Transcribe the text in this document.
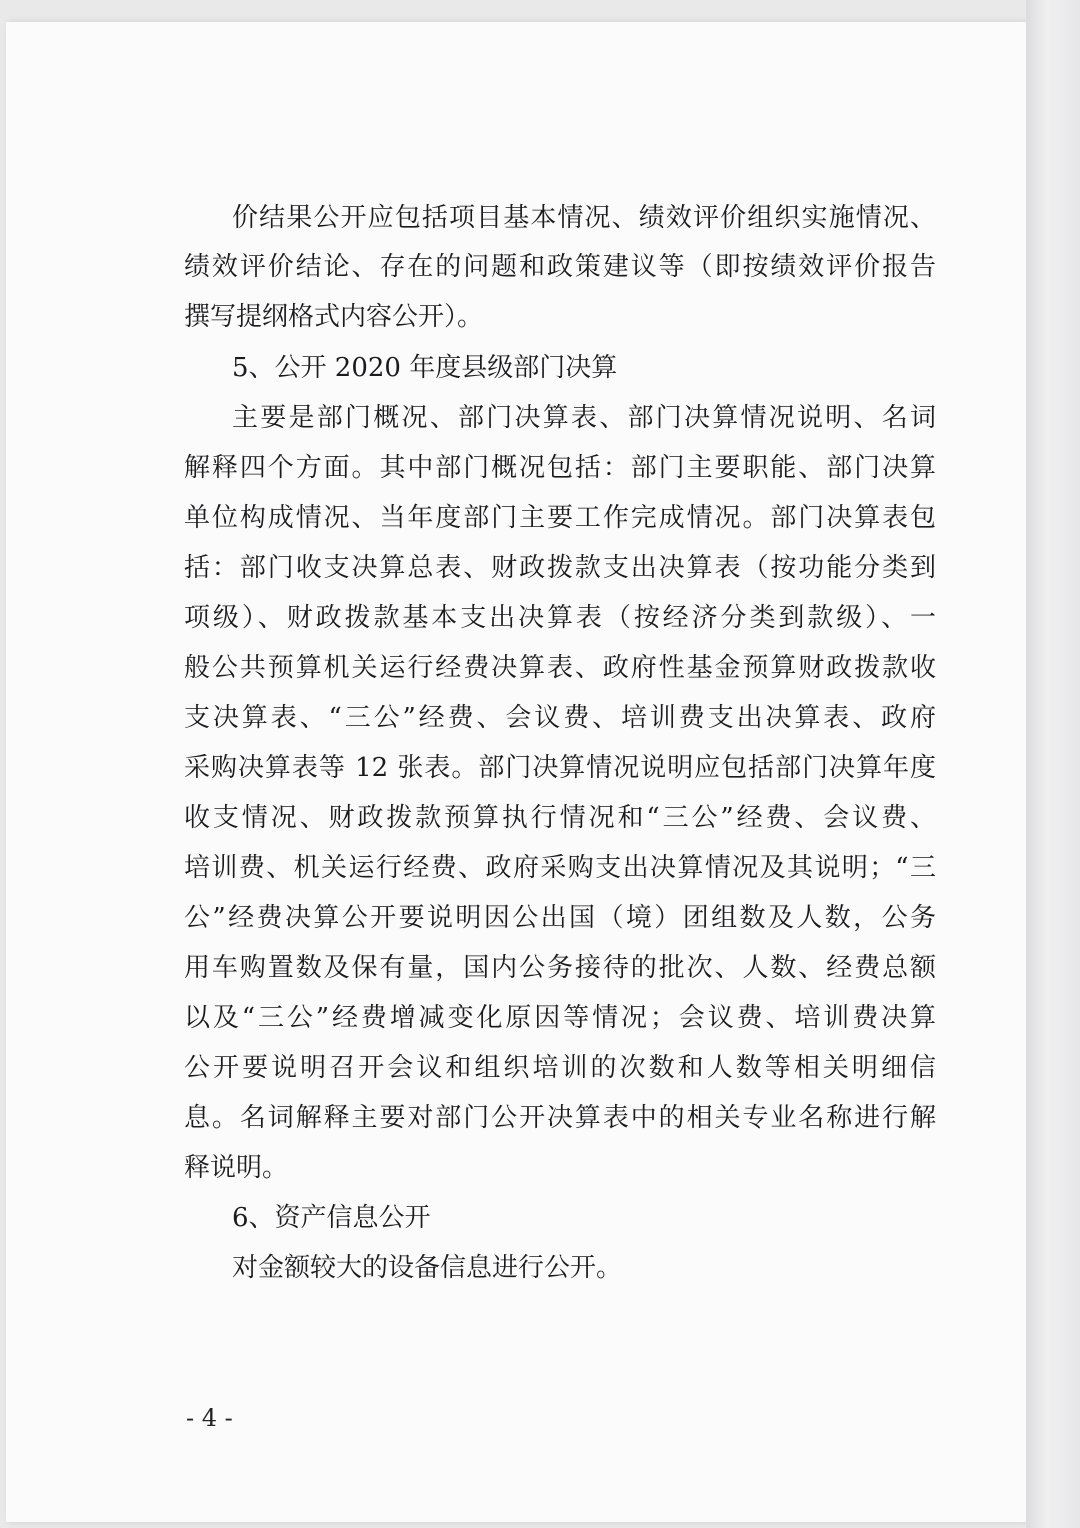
价结果公开应包括项目基本情况、绩效评价组织实施情况、

绩效评价结论、存在的问题和政策建议等（即按绩效评价报告

撰写提纲格式内容公开）。

5、公开 2020 年度县级部门决算

主要是部门概况、部门决算表、部门决算情况说明、名词

解释四个方面。其中部门概况包括：部门主要职能、部门决算

单位构成情况、当年度部门主要工作完成情况。部门决算表包

括：部门收支决算总表、财政拨款支出决算表（按功能分类到

项级）、财政拨款基本支出决算表（按经济分类到款级）、一

般公共预算机关运行经费决算表、政府性基金预算财政拨款收

支决算表、“三公”经费、会议费、培训费支出决算表、政府

采购决算表等 12 张表。部门决算情况说明应包括部门决算年度

收支情况、财政拨款预算执行情况和“三公”经费、会议费、

培训费、机关运行经费、政府采购支出决算情况及其说明；“三

公”经费决算公开要说明因公出国（境）团组数及人数，公务

用车购置数及保有量，国内公务接待的批次、人数、经费总额

以及“三公”经费增减变化原因等情况；会议费、培训费决算

公开要说明召开会议和组织培训的次数和人数等相关明细信

息。名词解释主要对部门公开决算表中的相关专业名称进行解

释说明。

6、资产信息公开

对金额较大的设备信息进行公开。

- 4 -
